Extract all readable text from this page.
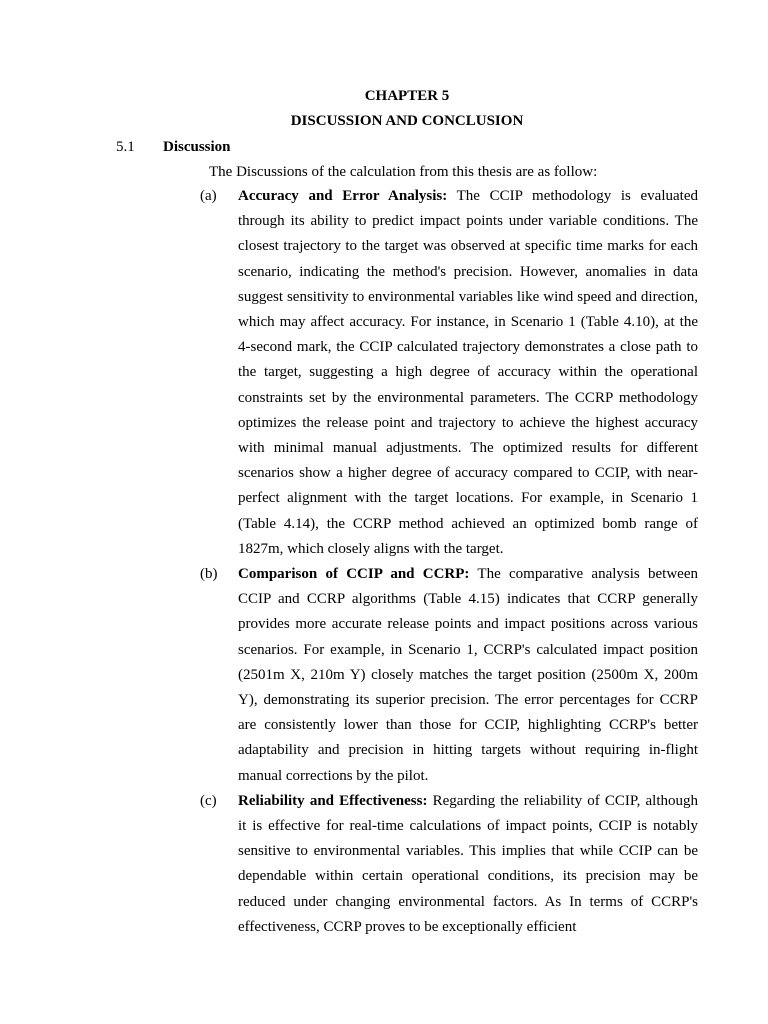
CHAPTER 5
DISCUSSION AND CONCLUSION
5.1 Discussion
The Discussions of the calculation from this thesis are as follow:
(a)	Accuracy and Error Analysis: The CCIP methodology is evaluated through its ability to predict impact points under variable conditions. The closest trajectory to the target was observed at specific time marks for each scenario, indicating the method's precision. However, anomalies in data suggest sensitivity to environmental variables like wind speed and direction, which may affect accuracy. For instance, in Scenario 1 (Table 4.10), at the 4-second mark, the CCIP calculated trajectory demonstrates a close path to the target, suggesting a high degree of accuracy within the operational constraints set by the environmental parameters. The CCRP methodology optimizes the release point and trajectory to achieve the highest accuracy with minimal manual adjustments. The optimized results for different scenarios show a higher degree of accuracy compared to CCIP, with near-perfect alignment with the target locations. For example, in Scenario 1 (Table 4.14), the CCRP method achieved an optimized bomb range of 1827m, which closely aligns with the target.

(b)	Comparison of CCIP and CCRP: The comparative analysis between CCIP and CCRP algorithms (Table 4.15) indicates that CCRP generally provides more accurate release points and impact positions across various scenarios. For example, in Scenario 1, CCRP's calculated impact position (2501m X, 210m Y) closely matches the target position (2500m X, 200m Y), demonstrating its superior precision. The error percentages for CCRP are consistently lower than those for CCIP, highlighting CCRP's better adaptability and precision in hitting targets without requiring in-flight manual corrections by the pilot.

(c)	Reliability and Effectiveness: Regarding the reliability of CCIP, although it is effective for real-time calculations of impact points, CCIP is notably sensitive to environmental variables. This implies that while CCIP can be dependable within certain operational conditions, its precision may be reduced under changing environmental factors. As In terms of CCRP's effectiveness, CCRP proves to be exceptionally efficient
